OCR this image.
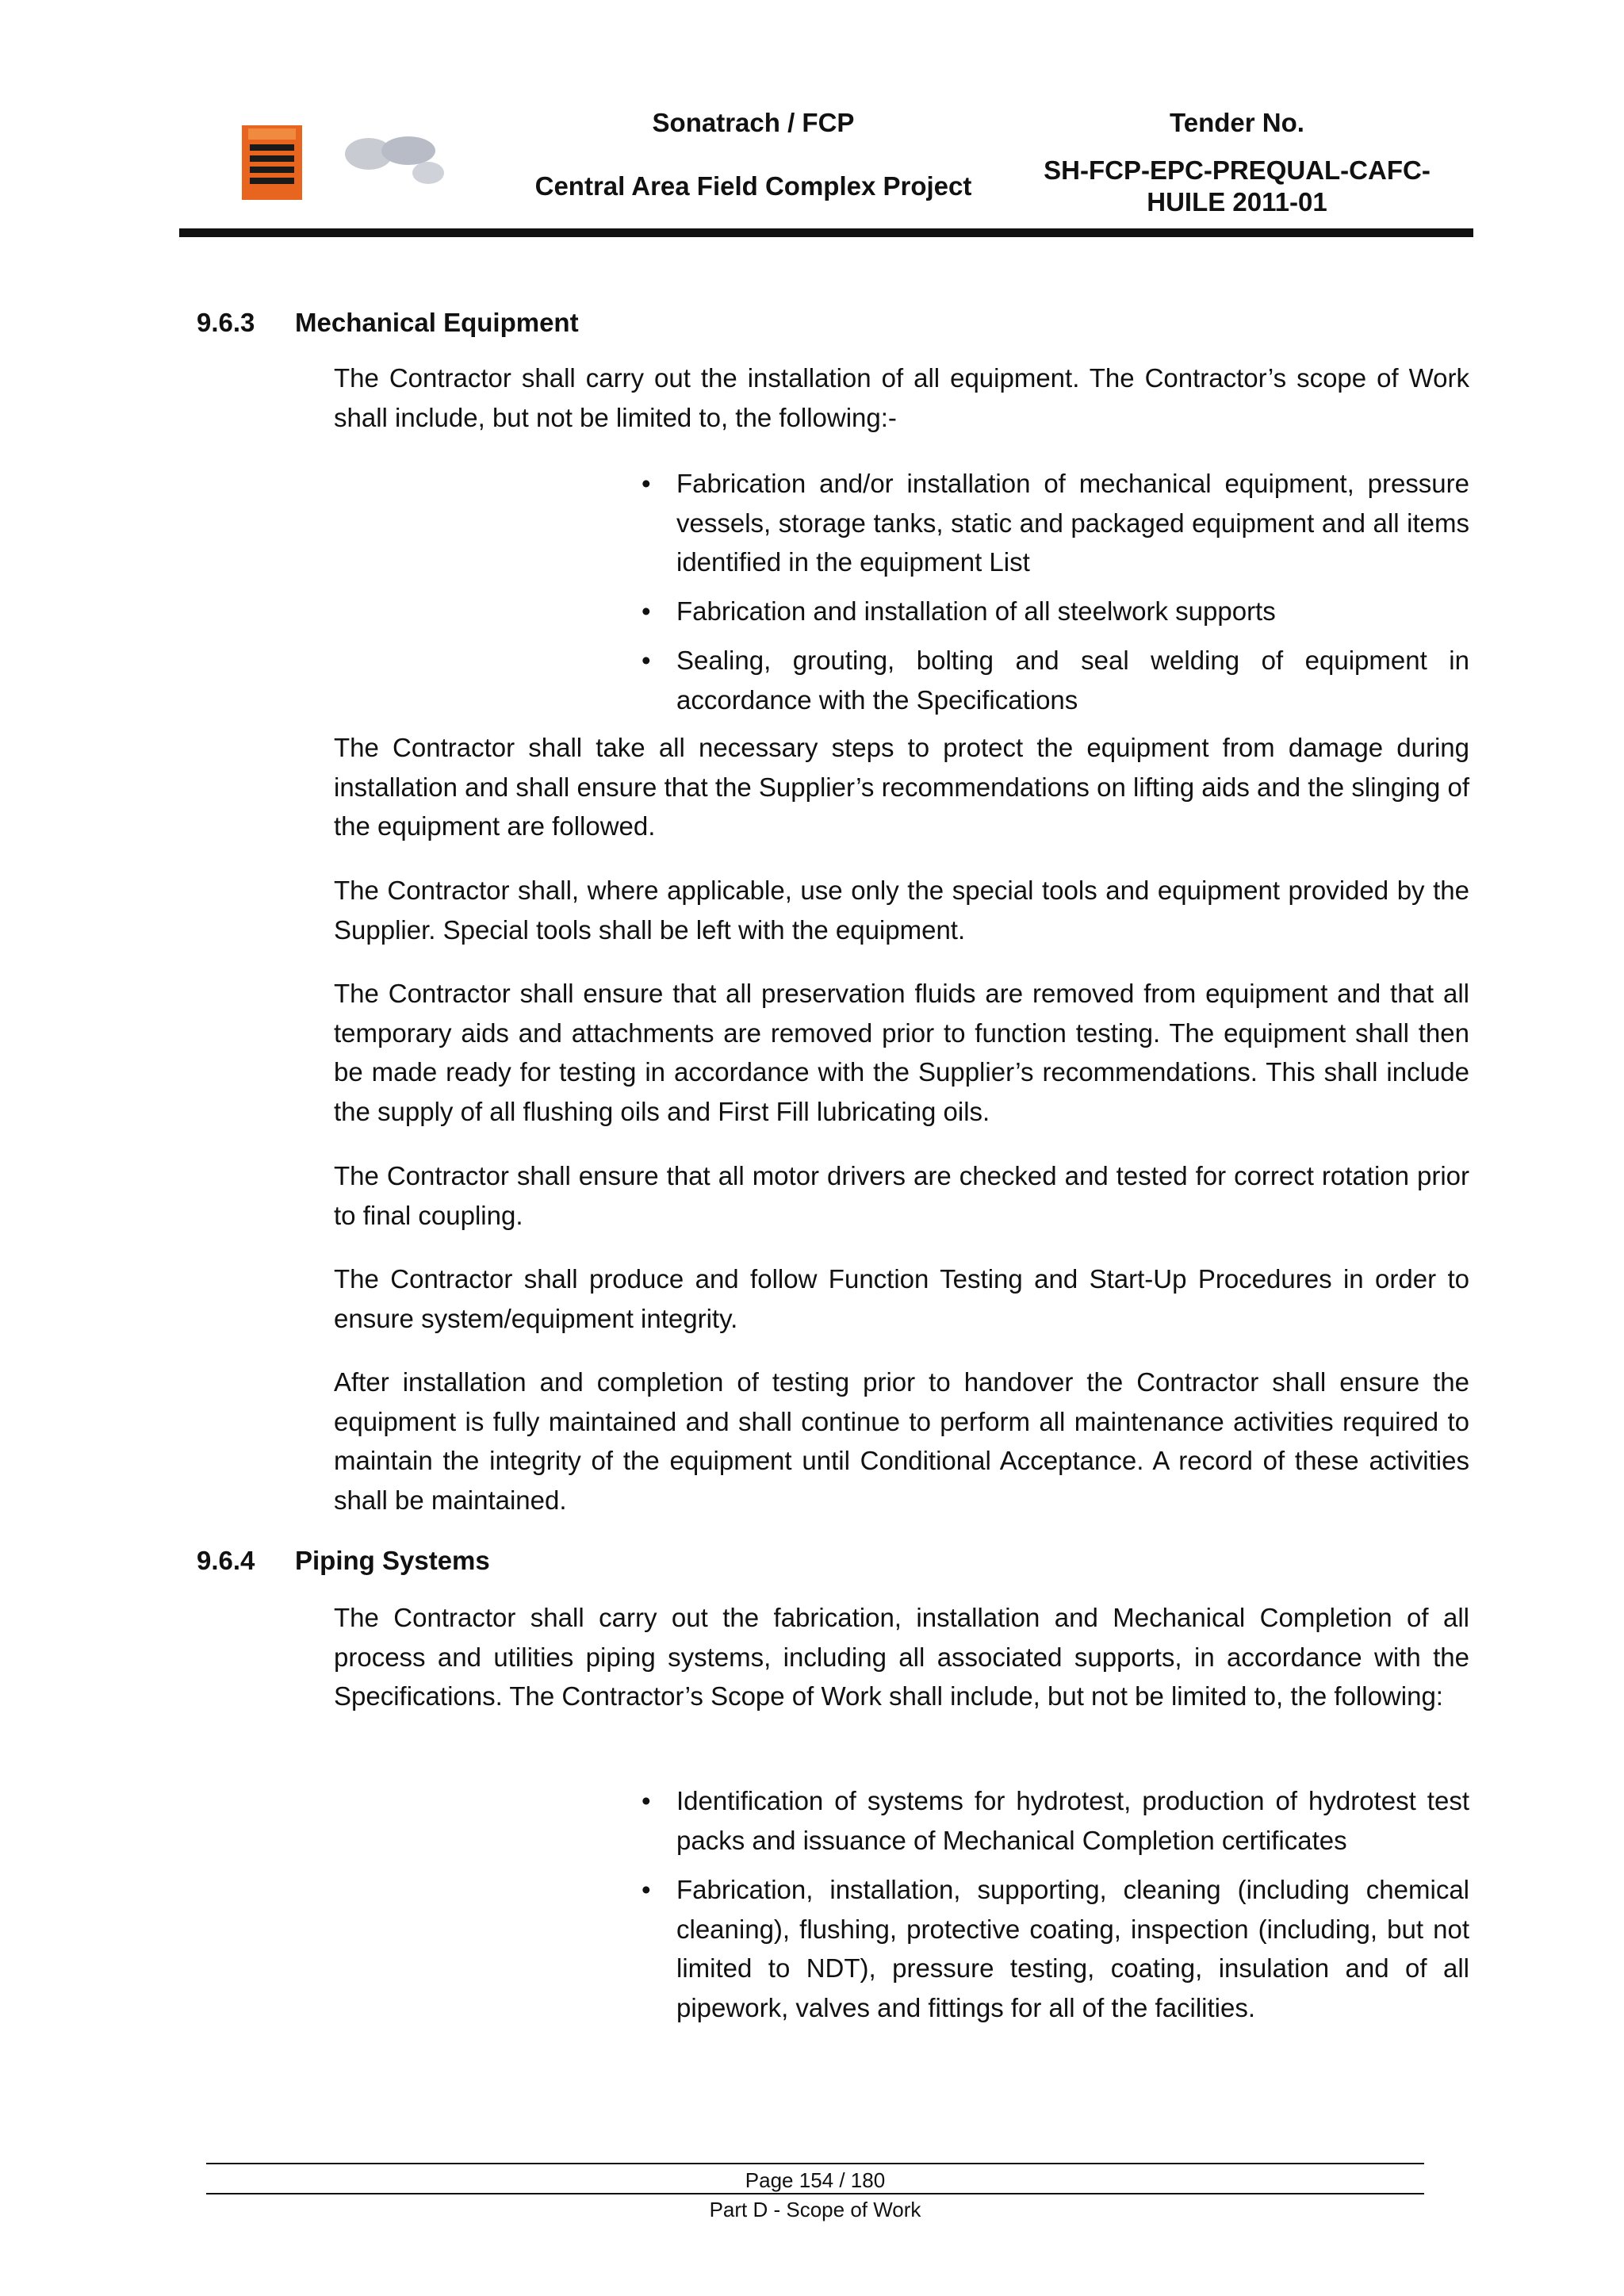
Sonatrach / FCP
Central Area Field Complex Project
Tender No.
SH-FCP-EPC-PREQUAL-CAFC-
HUILE 2011-01
9.6.3 Mechanical Equipment
The Contractor shall carry out the installation of all equipment. The Contractor’s scope of Work shall include, but not be limited to, the following:-
• Fabrication and/or installation of mechanical equipment, pressure vessels, storage tanks, static and packaged equipment and all items identified in the equipment List
• Fabrication and installation of all steelwork supports
• Sealing, grouting, bolting and seal welding of equipment in accordance with the Specifications
The Contractor shall take all necessary steps to protect the equipment from damage during installation and shall ensure that the Supplier’s recommendations on lifting aids and the slinging of the equipment are followed.
The Contractor shall, where applicable, use only the special tools and equipment provided by the Supplier. Special tools shall be left with the equipment.
The Contractor shall ensure that all preservation fluids are removed from equipment and that all temporary aids and attachments are removed prior to function testing. The equipment shall then be made ready for testing in accordance with the Supplier’s recommendations. This shall include the supply of all flushing oils and First Fill lubricating oils.
The Contractor shall ensure that all motor drivers are checked and tested for correct rotation prior to final coupling.
The Contractor shall produce and follow Function Testing and Start-Up Procedures in order to ensure system/equipment integrity.
After installation and completion of testing prior to handover the Contractor shall ensure the equipment is fully maintained and shall continue to perform all maintenance activities required to maintain the integrity of the equipment until Conditional Acceptance. A record of these activities shall be maintained.
9.6.4 Piping Systems
The Contractor shall carry out the fabrication, installation and Mechanical Completion of all process and utilities piping systems, including all associated supports, in accordance with the Specifications. The Contractor’s Scope of Work shall include, but not be limited to, the following:
• Identification of systems for hydrotest, production of hydrotest test packs and issuance of Mechanical Completion certificates
• Fabrication, installation, supporting, cleaning (including chemical cleaning), flushing, protective coating, inspection (including, but not limited to NDT), pressure testing, coating, insulation and of all pipework, valves and fittings for all of the facilities.
Page 154 / 180
Part D - Scope of Work
